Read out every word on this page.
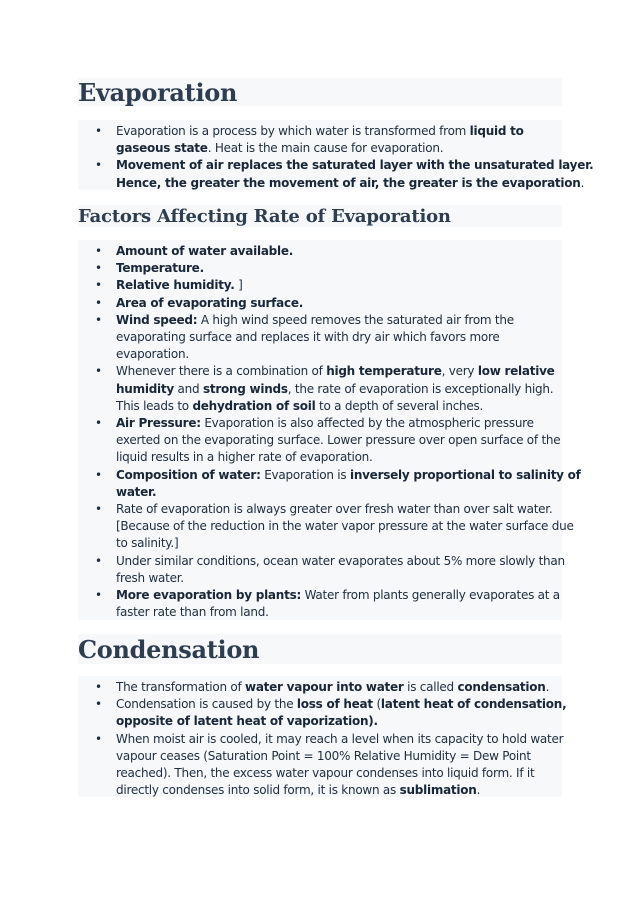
Evaporation
• Evaporation is a process by which water is transformed from liquid to
gaseous state. Heat is the main cause for evaporation.
• Movement of air replaces the saturated layer with the unsaturated layer.
Hence, the greater the movement of air, the greater is the evaporation.
Factors Affecting Rate of Evaporation
• Amount of water available.
• Temperature.
• Relative humidity. ]
• Area of evaporating surface.
• Wind speed: A high wind speed removes the saturated air from the
evaporating surface and replaces it with dry air which favors more
evaporation.
• Whenever there is a combination of high temperature, very low relative
humidity and strong winds, the rate of evaporation is exceptionally high.
This leads to dehydration of soil to a depth of several inches.
• Air Pressure: Evaporation is also affected by the atmospheric pressure
exerted on the evaporating surface. Lower pressure over open surface of the
liquid results in a higher rate of evaporation.
• Composition of water: Evaporation is inversely proportional to salinity of
water.
• Rate of evaporation is always greater over fresh water than over salt water.
[Because of the reduction in the water vapor pressure at the water surface due
to salinity.]
• Under similar conditions, ocean water evaporates about 5% more slowly than
fresh water.
• More evaporation by plants: Water from plants generally evaporates at a
faster rate than from land.
Condensation
• The transformation of water vapour into water is called condensation.
• Condensation is caused by the loss of heat (latent heat of condensation,
opposite of latent heat of vaporization).
• When moist air is cooled, it may reach a level when its capacity to hold water
vapour ceases (Saturation Point = 100% Relative Humidity = Dew Point
reached). Then, the excess water vapour condenses into liquid form. If it
directly condenses into solid form, it is known as sublimation.
